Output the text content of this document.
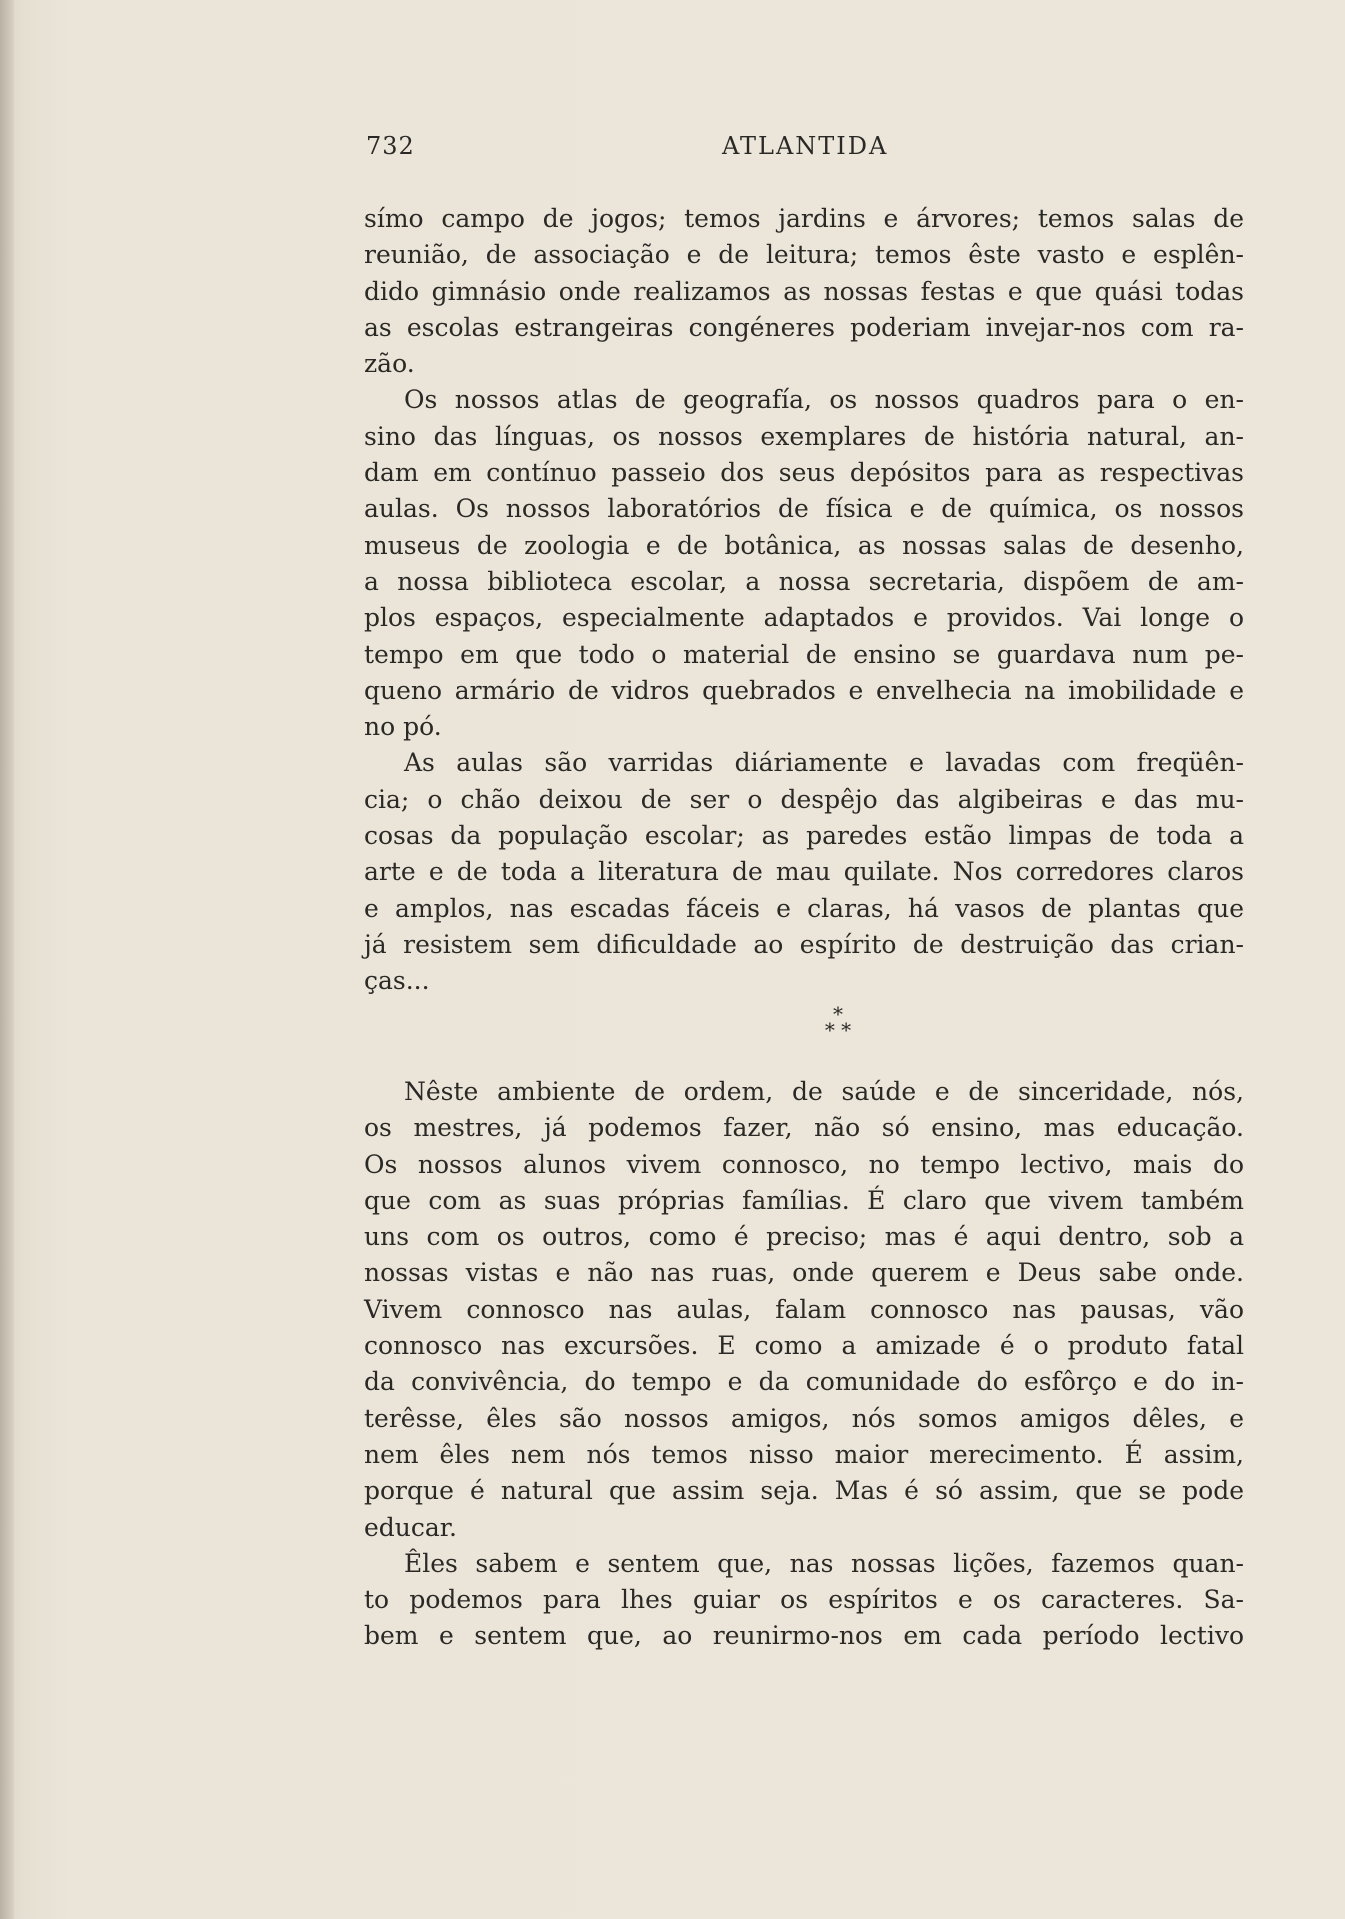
732	ATLANTIDA
símo campo de jogos; temos jardins e árvores; temos salas de
reunião, de associação e de leitura; temos êste vasto e esplên-
dido gimnásio onde realizamos as nossas festas e que quási todas
as escolas estrangeiras congéneres poderiam invejar-nos com ra-
zão.
Os nossos atlas de geografía, os nossos quadros para o en-
sino das línguas, os nossos exemplares de história natural, an-
dam em contínuo passeio dos seus depósitos para as respectivas
aulas. Os nossos laboratórios de física e de química, os nossos
museus de zoologia e de botânica, as nossas salas de desenho,
a nossa biblioteca escolar, a nossa secretaria, dispõem de am-
plos espaços, especialmente adaptados e providos. Vai longe o
tempo em que todo o material de ensino se guardava num pe-
queno armário de vidros quebrados e envelhecia na imobilidade e
no pó.
As aulas são varridas diáriamente e lavadas com freqüên-
cia; o chão deixou de ser o despêjo das algibeiras e das mu-
cosas da população escolar; as paredes estão limpas de toda a
arte e de toda a literatura de mau quilate. Nos corredores claros
e amplos, nas escadas fáceis e claras, há vasos de plantas que
já resistem sem dificuldade ao espírito de destruição das crian-
ças...
*
* *
Nêste ambiente de ordem, de saúde e de sinceridade, nós,
os mestres, já podemos fazer, não só ensino, mas educação.
Os nossos alunos vivem connosco, no tempo lectivo, mais do
que com as suas próprias famílias. É claro que vivem também
uns com os outros, como é preciso; mas é aqui dentro, sob a
nossas vistas e não nas ruas, onde querem e Deus sabe onde.
Vivem connosco nas aulas, falam connosco nas pausas, vão
connosco nas excursões. E como a amizade é o produto fatal
da convivência, do tempo e da comunidade do esfôrço e do in-
terêsse, êles são nossos amigos, nós somos amigos dêles, e
nem êles nem nós temos nisso maior merecimento. É assim,
porque é natural que assim seja. Mas é só assim, que se pode
educar.
Êles sabem e sentem que, nas nossas lições, fazemos quan-
to podemos para lhes guiar os espíritos e os caracteres. Sa-
bem e sentem que, ao reunirmo-nos em cada período lectivo
